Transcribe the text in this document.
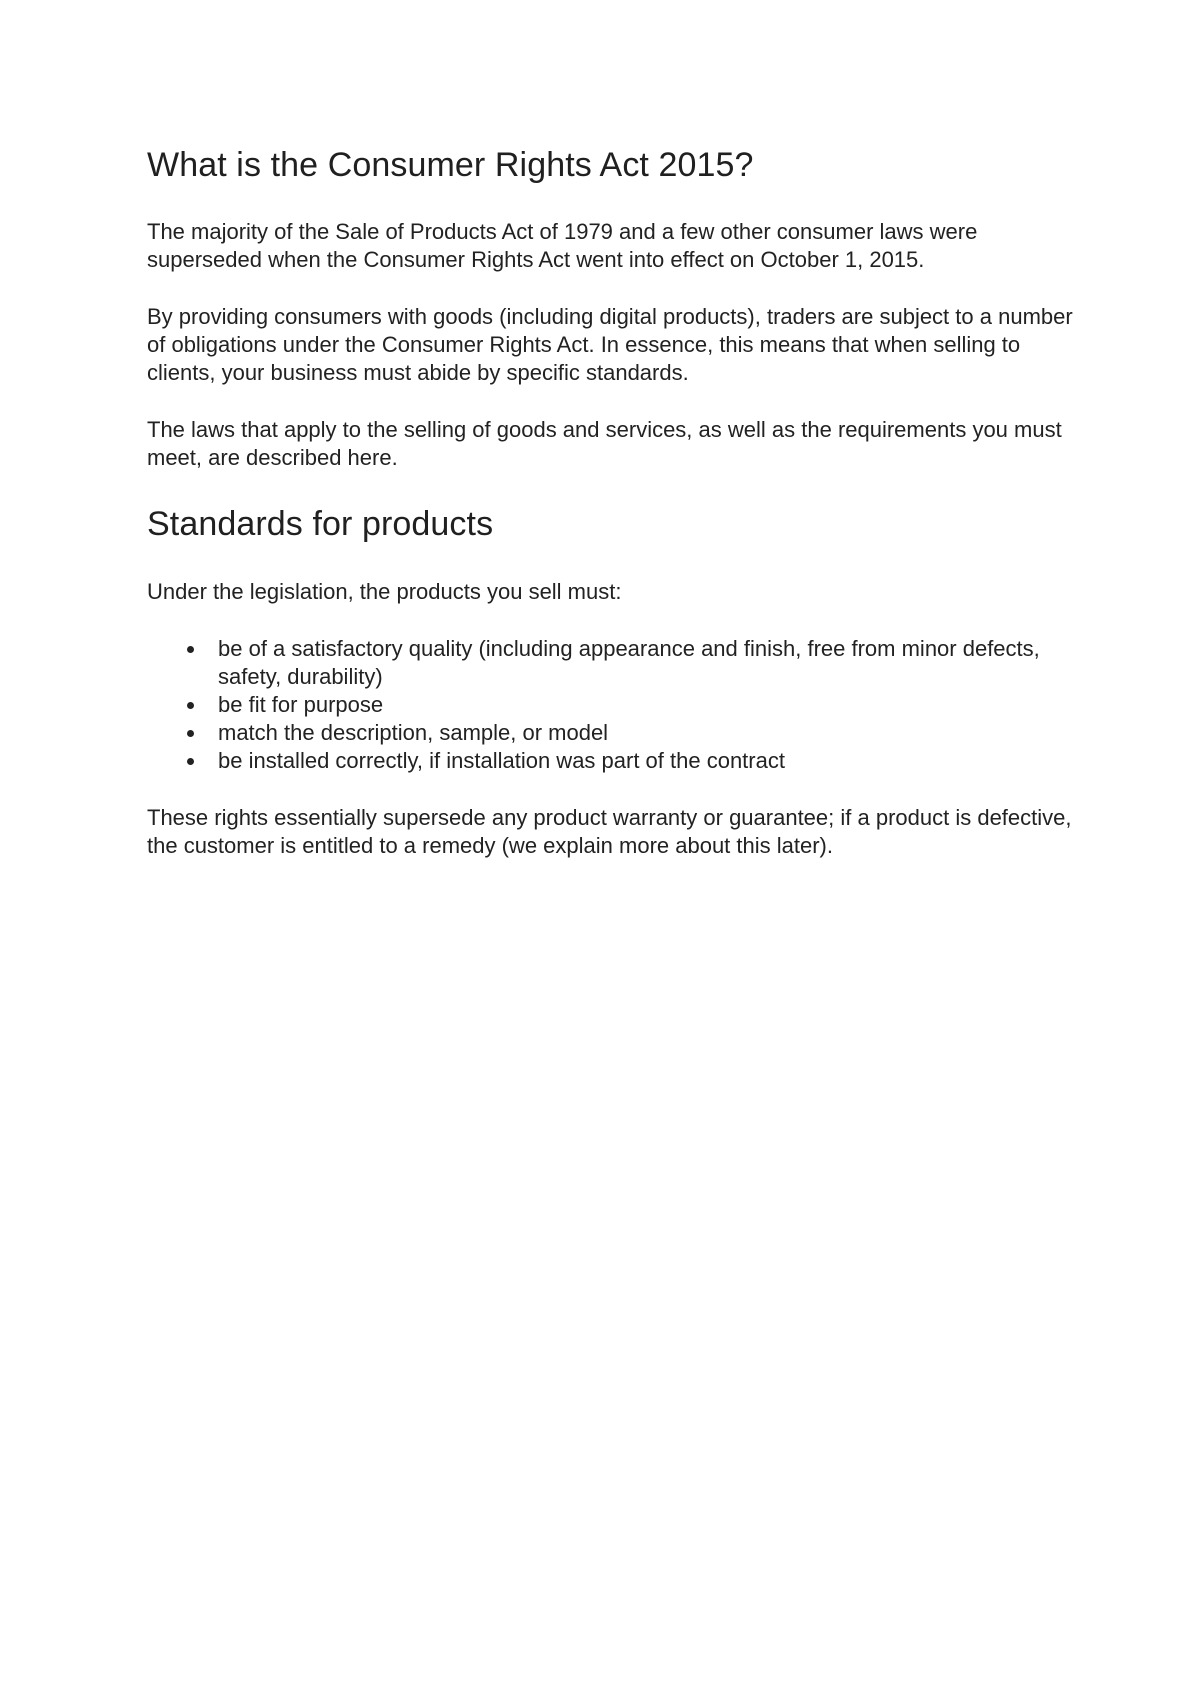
What is the Consumer Rights Act 2015?

The majority of the Sale of Products Act of 1979 and a few other consumer laws were superseded when the Consumer Rights Act went into effect on October 1, 2015.

By providing consumers with goods (including digital products), traders are subject to a number of obligations under the Consumer Rights Act. In essence, this means that when selling to clients, your business must abide by specific standards.

The laws that apply to the selling of goods and services, as well as the requirements you must meet, are described here.

Standards for products

Under the legislation, the products you sell must:

be of a satisfactory quality (including appearance and finish, free from minor defects, safety, durability)
be fit for purpose
match the description, sample, or model
be installed correctly, if installation was part of the contract

These rights essentially supersede any product warranty or guarantee; if a product is defective, the customer is entitled to a remedy (we explain more about this later).
